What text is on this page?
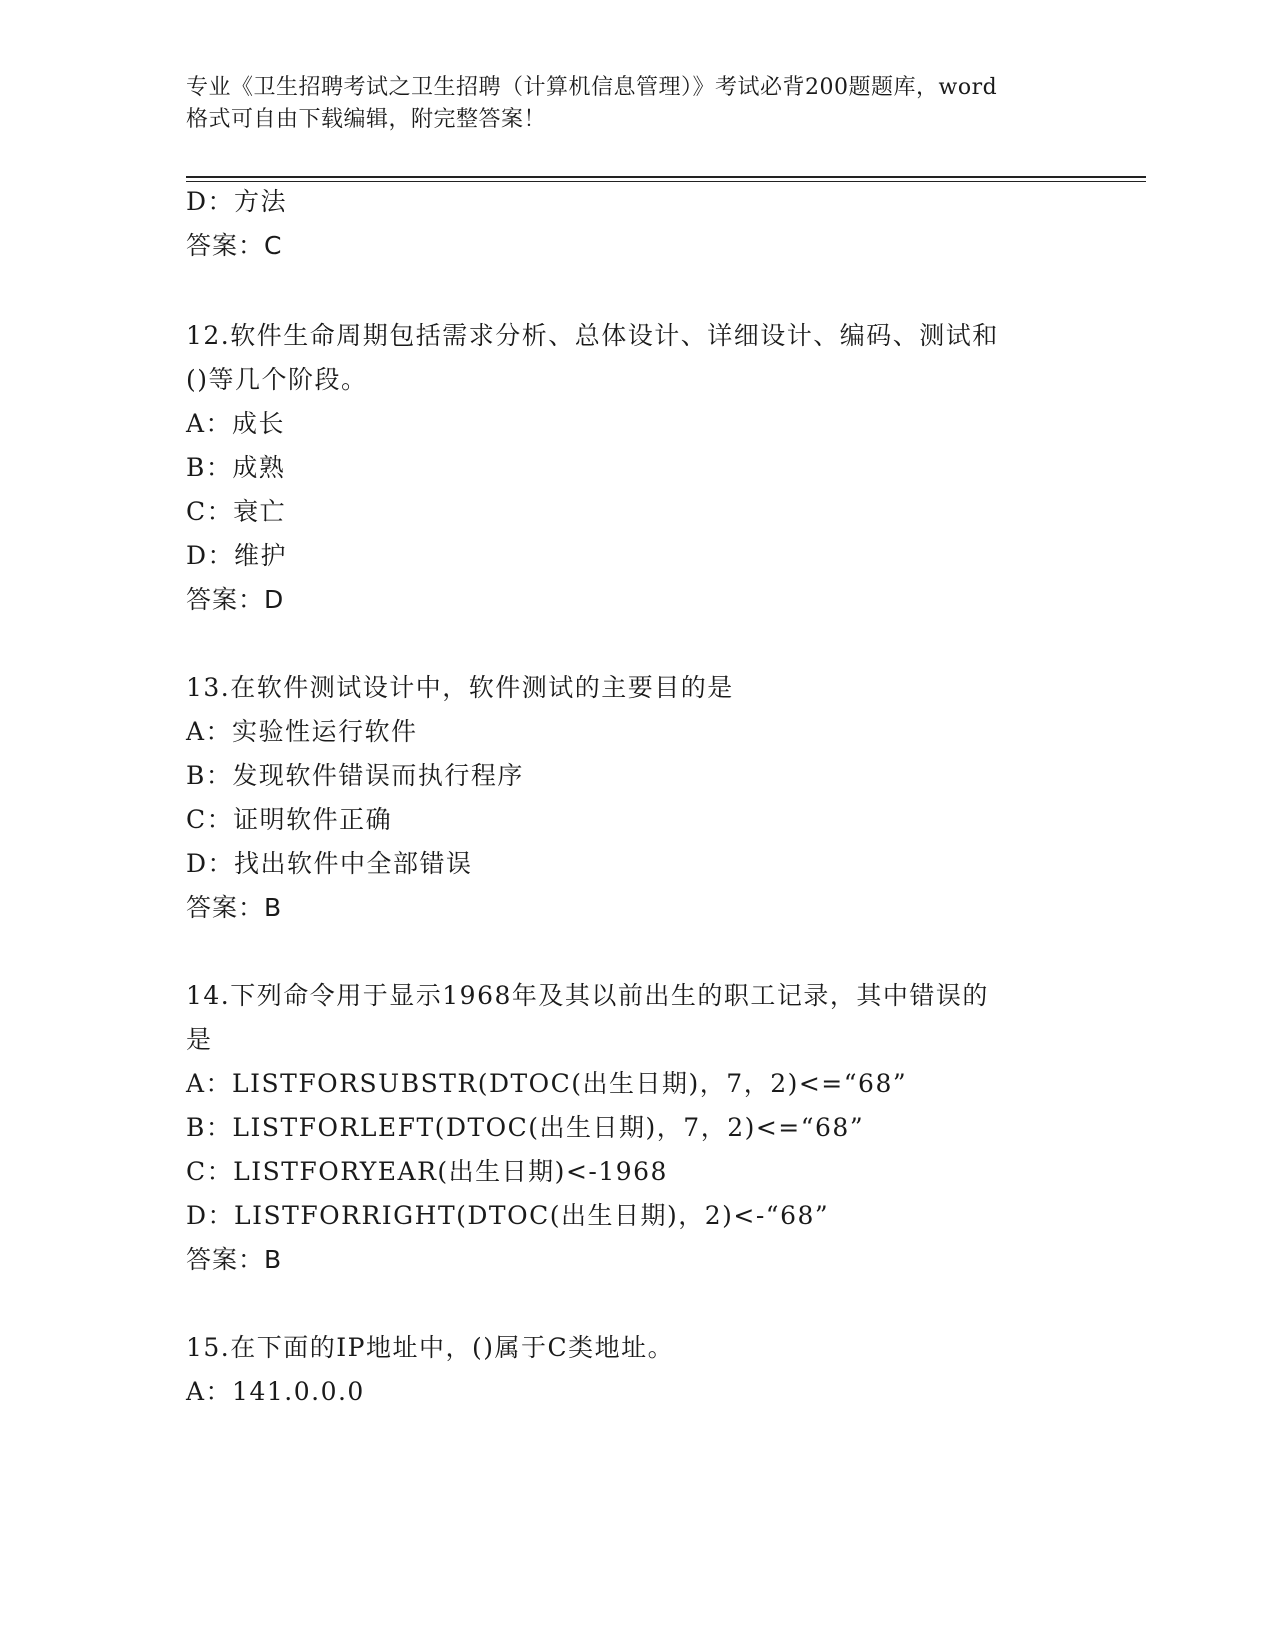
专业《卫生招聘考试之卫生招聘（计算机信息管理）》考试必背200题题库，word
格式可自由下载编辑，附完整答案！
D：方法
答案：C
12.软件生命周期包括需求分析、总体设计、详细设计、编码、测试和
()等几个阶段。
A：成长
B：成熟
C：衰亡
D：维护
答案：D
13.在软件测试设计中，软件测试的主要目的是
A：实验性运行软件
B：发现软件错误而执行程序
C：证明软件正确
D：找出软件中全部错误
答案：B
14.下列命令用于显示1968年及其以前出生的职工记录，其中错误的
是
A：LISTFORSUBSTR(DTOC(出生日期)，7，2)<=“68”
B：LISTFORLEFT(DTOC(出生日期)，7，2)<=“68”
C：LISTFORYEAR(出生日期)<-1968
D：LISTFORRIGHT(DTOC(出生日期)，2)<-“68”
答案：B
15.在下面的IP地址中，()属于C类地址。
A：141.0.0.0
